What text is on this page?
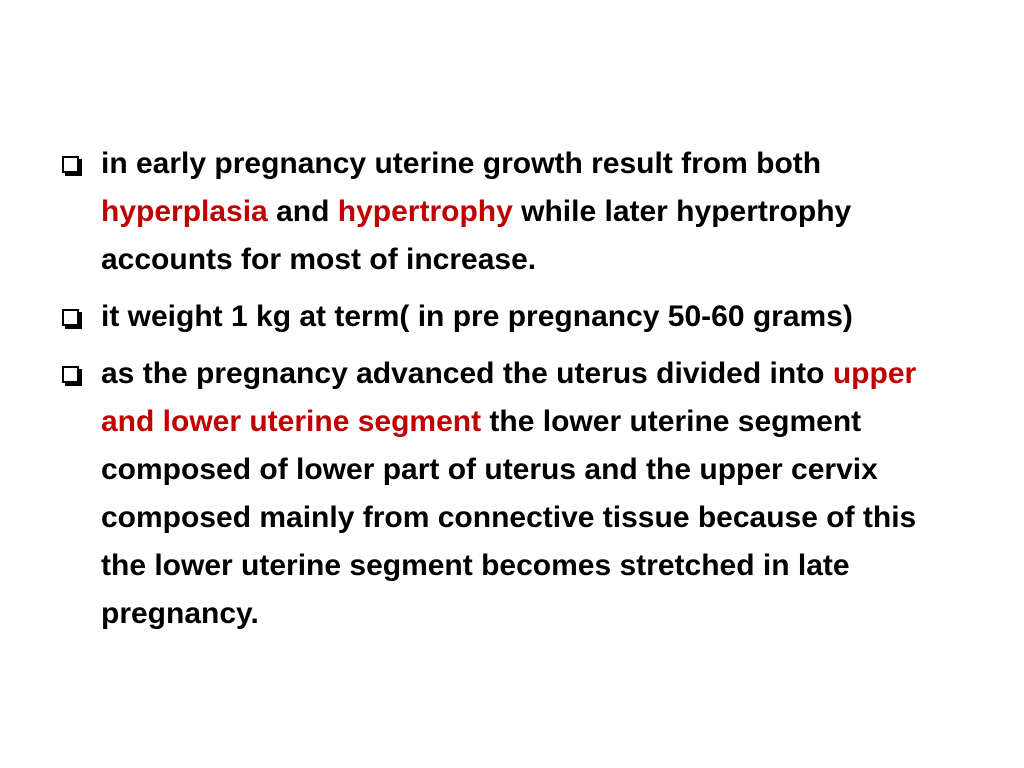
in early pregnancy uterine growth result from both hyperplasia and hypertrophy while later hypertrophy accounts for most of increase.
it weight 1 kg at term( in pre pregnancy 50-60 grams)
as the pregnancy advanced the uterus divided into upper and lower uterine segment the lower uterine segment composed of lower part of uterus and the upper cervix composed mainly from connective tissue because of this the lower uterine segment becomes stretched in late pregnancy.
